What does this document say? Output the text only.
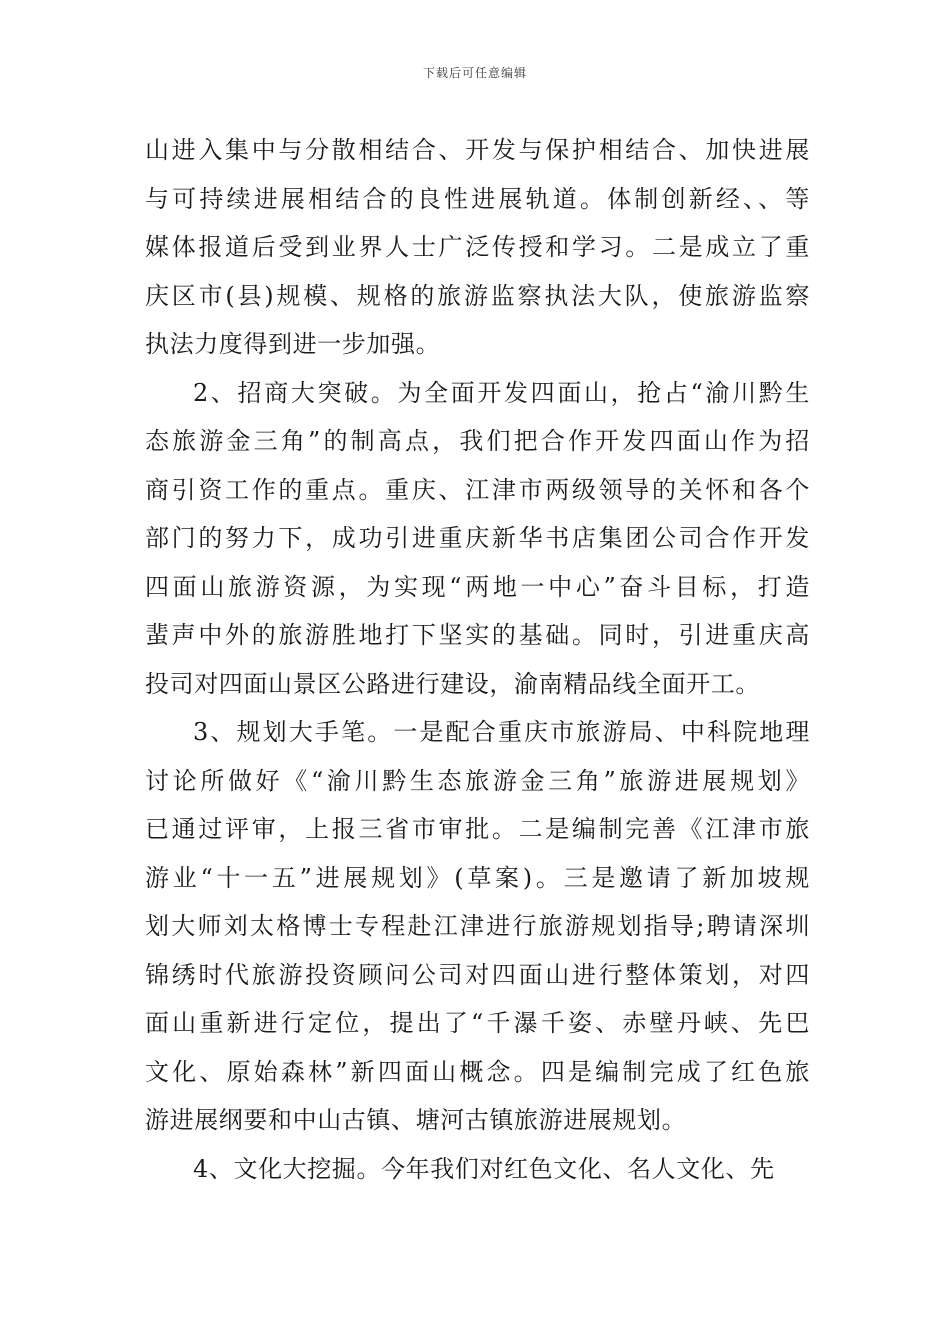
下载后可任意编辑
山进入集中与分散相结合、开发与保护相结合、加快进展
与可持续进展相结合的良性进展轨道。体制创新经、、等
媒体报道后受到业界人士广泛传授和学习。二是成立了重
庆区市(县)规模、规格的旅游监察执法大队，使旅游监察
执法力度得到进一步加强。
2、招商大突破。为全面开发四面山，抢占“渝川黔生
态旅游金三角”的制高点，我们把合作开发四面山作为招
商引资工作的重点。重庆、江津市两级领导的关怀和各个
部门的努力下，成功引进重庆新华书店集团公司合作开发
四面山旅游资源，为实现“两地一中心”奋斗目标，打造
蜚声中外的旅游胜地打下坚实的基础。同时，引进重庆高
投司对四面山景区公路进行建设，渝南精品线全面开工。
3、规划大手笔。一是配合重庆市旅游局、中科院地理
讨论所做好《“渝川黔生态旅游金三角”旅游进展规划》
已通过评审，上报三省市审批。二是编制完善《江津市旅
游业“十一五”进展规划》(草案)。三是邀请了新加坡规
划大师刘太格博士专程赴江津进行旅游规划指导;聘请深圳
锦绣时代旅游投资顾问公司对四面山进行整体策划，对四
面山重新进行定位，提出了“千瀑千姿、赤壁丹峡、先巴
文化、原始森林”新四面山概念。四是编制完成了红色旅
游进展纲要和中山古镇、塘河古镇旅游进展规划。
4、文化大挖掘。今年我们对红色文化、名人文化、先
